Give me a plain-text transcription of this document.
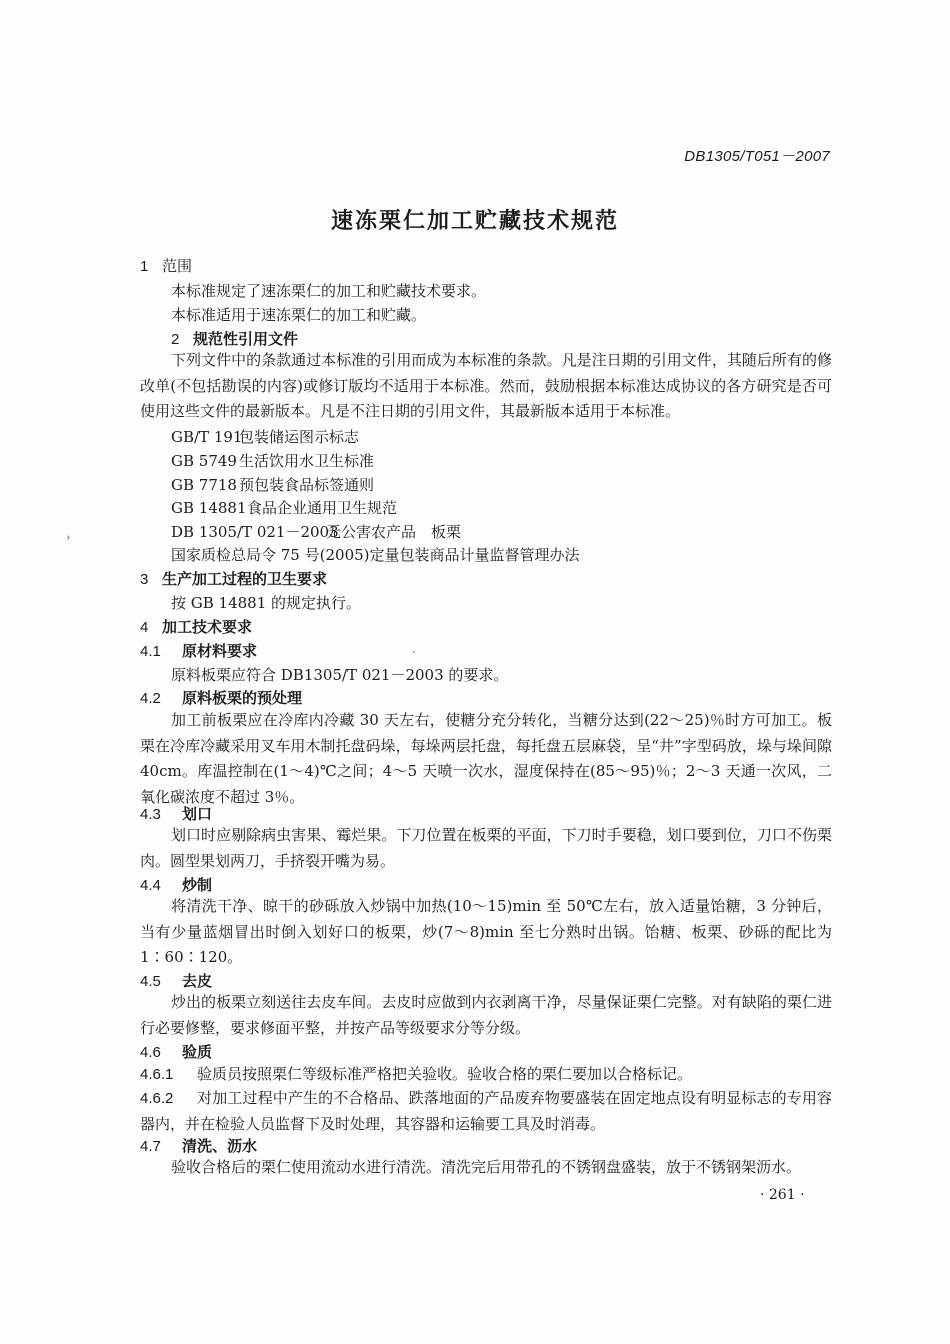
DB1305/T051－2007
速冻栗仁加工贮藏技术规范
1 范围
本标准规定了速冻栗仁的加工和贮藏技术要求。
本标准适用于速冻栗仁的加工和贮藏。
2 规范性引用文件
下列文件中的条款通过本标准的引用而成为本标准的条款。凡是注日期的引用文件，其随后所有的修改单(不包括勘误的内容)或修订版均不适用于本标准。然而，鼓励根据本标准达成协议的各方研究是否可使用这些文件的最新版本。凡是不注日期的引用文件，其最新版本适用于本标准。
GB/T 191包装储运图示标志
GB 5749 生活饮用水卫生标准
GB 7718 预包装食品标签通则
GB 14881食品企业通用卫生规范
DB 1305/T 021－2003无公害农产品　板栗
国家质检总局令 75 号(2005)定量包装商品计量监督管理办法
›
3 生产加工过程的卫生要求
按 GB 14881 的规定执行。
4 加工技术要求
4.1 原材料要求
原料板栗应符合 DB1305/T 021－2003 的要求。
4.2 原料板栗的预处理
加工前板栗应在冷库内冷藏 30 天左右，使糖分充分转化，当糖分达到(22～25)％时方可加工。板栗在冷库冷藏采用叉车用木制托盘码垛，每垛两层托盘，每托盘五层麻袋，呈“井”字型码放，垛与垛间隙 40cm。库温控制在(1～4)℃之间；4～5 天喷一次水，湿度保持在(85～95)％；2～3 天通一次风，二氧化碳浓度不超过 3％。
4.3 划口
划口时应剔除病虫害果、霉烂果。下刀位置在板栗的平面，下刀时手要稳，划口要到位，刀口不伤栗肉。圆型果划两刀，手挤裂开嘴为易。
4.4 炒制
将清洗干净、晾干的砂砾放入炒锅中加热(10～15)min 至 50℃左右，放入适量饴糖，3 分钟后，当有少量蓝烟冒出时倒入划好口的板栗，炒(7～8)min 至七分熟时出锅。饴糖、板栗、砂砾的配比为 1∶60∶120。
4.5 去皮
炒出的板栗立刻送往去皮车间。去皮时应做到内衣剥离干净，尽量保证栗仁完整。对有缺陷的栗仁进行必要修整，要求修面平整，并按产品等级要求分等分级。
4.6 验质
4.6.1 验质员按照栗仁等级标准严格把关验收。验收合格的栗仁要加以合格标记。
4.6.2 对加工过程中产生的不合格品、跌落地面的产品废弃物要盛装在固定地点设有明显标志的专用容器内，并在检验人员监督下及时处理，其容器和运输要工具及时消毒。
4.7 清洗、沥水
验收合格后的栗仁使用流动水进行清洗。清洗完后用带孔的不锈钢盘盛装，放于不锈钢架沥水。
· 261 ·
